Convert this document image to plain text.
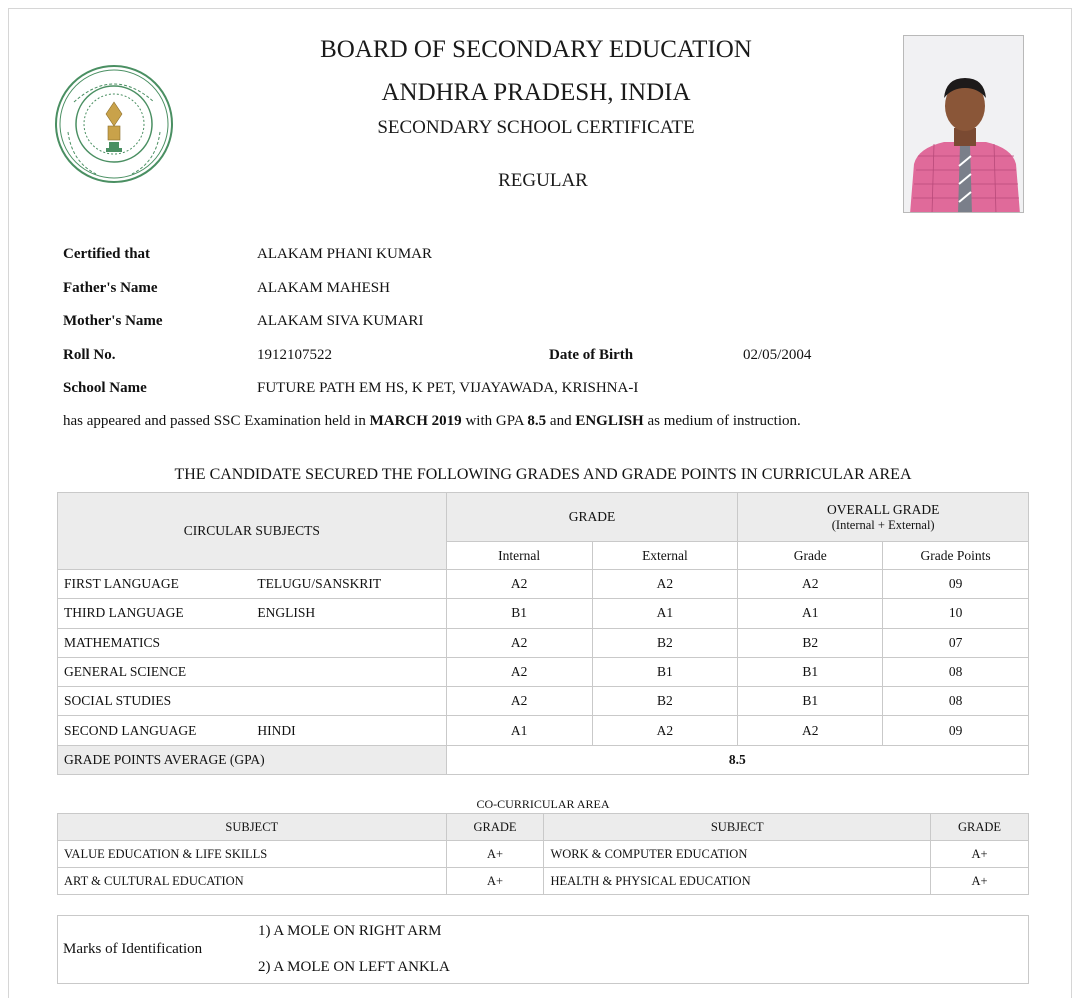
BOARD OF SECONDARY EDUCATION
ANDHRA PRADESH, INDIA
SECONDARY SCHOOL CERTIFICATE
REGULAR
Certified that	ALAKAM PHANI KUMAR
Father's Name	ALAKAM MAHESH
Mother's Name	ALAKAM SIVA KUMARI
Roll No.	1912107522	Date of Birth	02/05/2004
School Name	FUTURE PATH EM HS, K PET, VIJAYAWADA, KRISHNA-I
has appeared and passed SSC Examination held in MARCH 2019 with GPA 8.5 and ENGLISH as medium of instruction.
THE CANDIDATE SECURED THE FOLLOWING GRADES AND GRADE POINTS IN CURRICULAR AREA
CIRCULAR SUBJECTS		GRADE		OVERALL GRADE
(Internal + External)	

		Internal	External	Grade	Grade Points
FIRST LANGUAGE	TELUGU/SANSKRIT	A2	A2	A2	09
THIRD LANGUAGE	ENGLISH	B1	A1	A1	10
MATHEMATICS		A2	B2	B2	07
GENERAL SCIENCE		A2	B1	B1	08
SOCIAL STUDIES		A2	B2	B1	08
SECOND LANGUAGE	HINDI	A1	A2	A2	09
GRADE POINTS AVERAGE (GPA)		8.5			
CO-CURRICULAR AREA
SUBJECT	GRADE	SUBJECT	GRADE
VALUE EDUCATION & LIFE SKILLS	A+	WORK & COMPUTER EDUCATION	A+
ART & CULTURAL EDUCATION	A+	HEALTH & PHYSICAL EDUCATION	A+
Marks of Identification
1) A MOLE ON RIGHT ARM
2) A MOLE ON LEFT ANKLA
